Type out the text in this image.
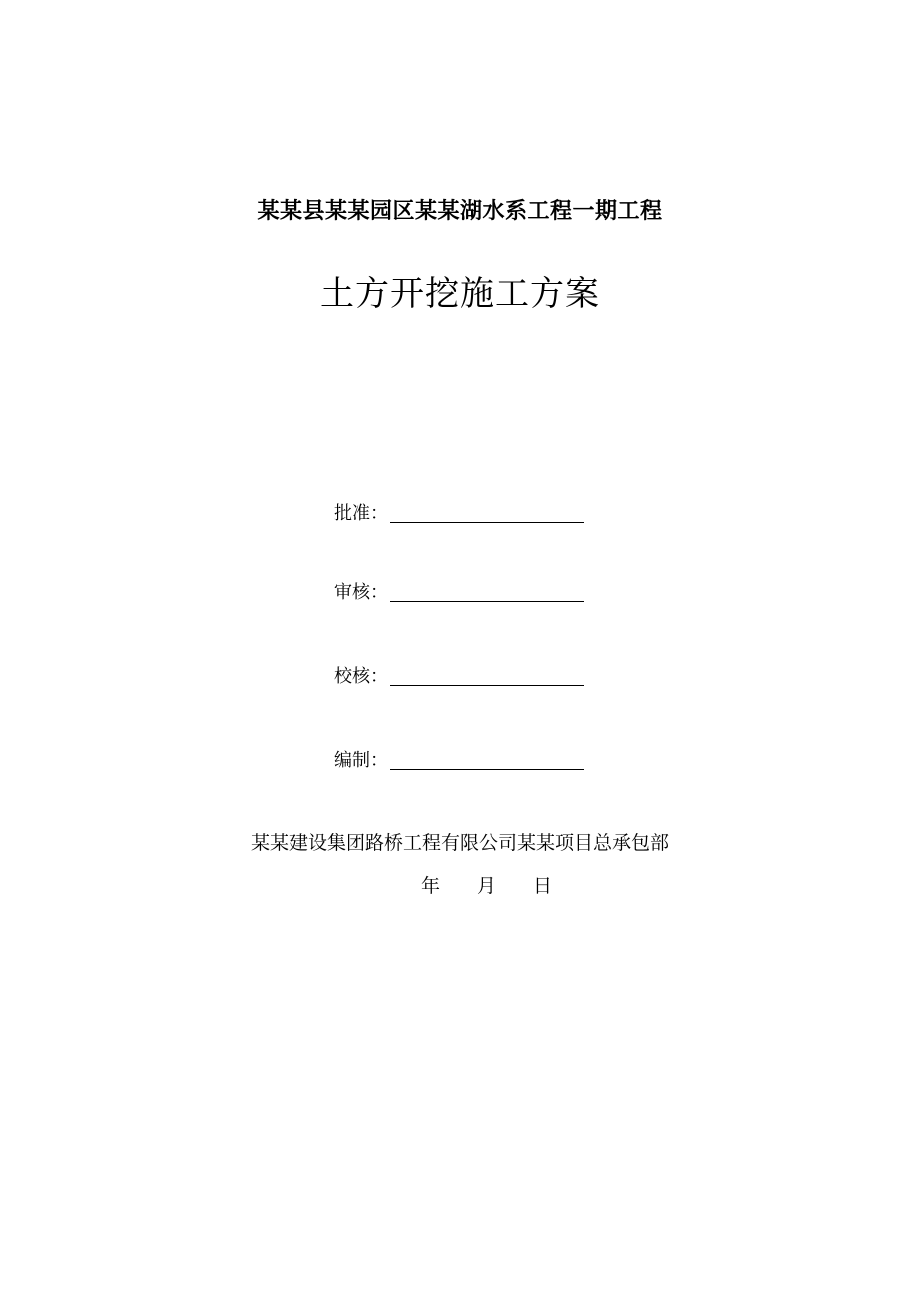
某某县某某园区某某湖水系工程一期工程
土方开挖施工方案
批准：
审核：
校核：
编制：
某某建设集团路桥工程有限公司某某项目总承包部
年 月 日
